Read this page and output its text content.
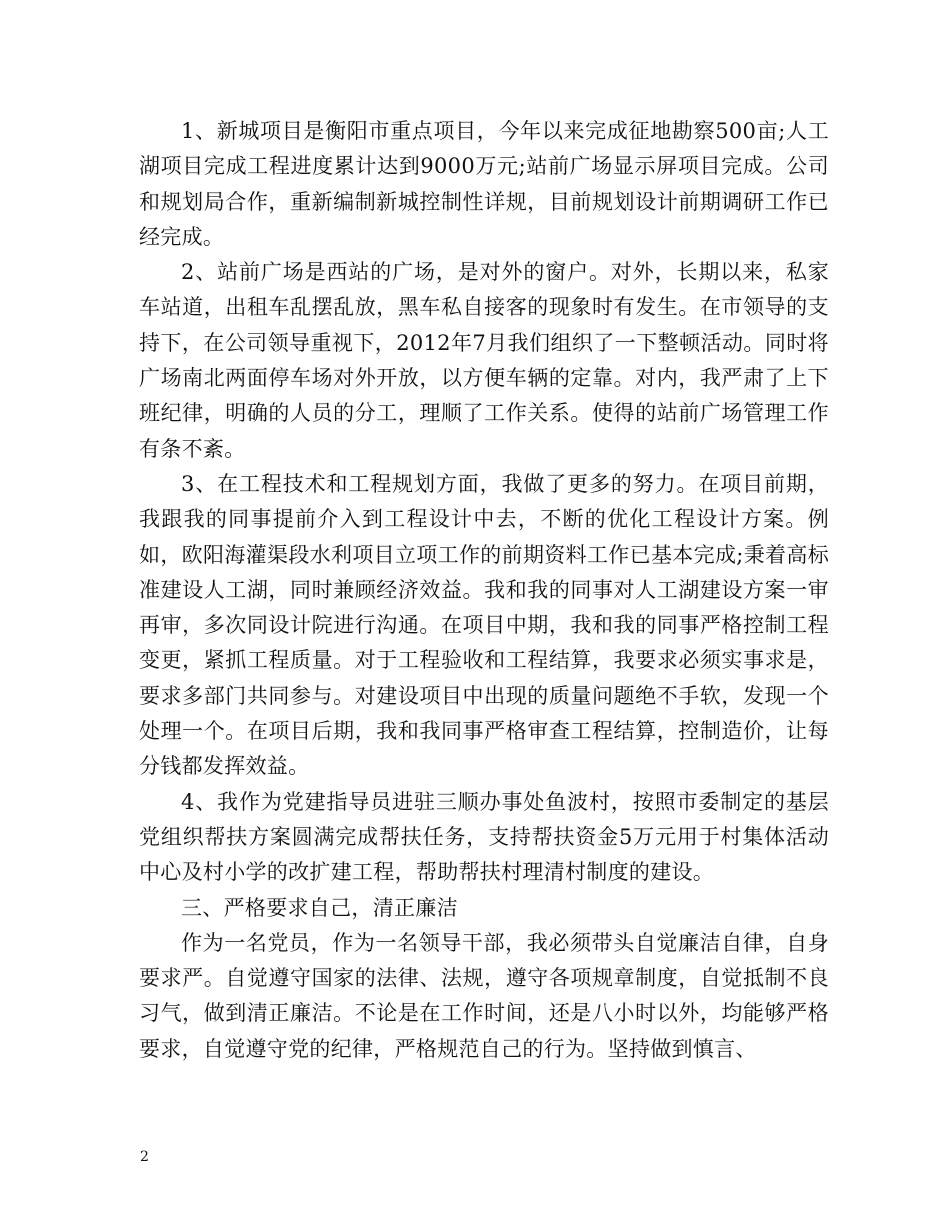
1、新城项目是衡阳市重点项目，今年以来完成征地勘察500亩;人工湖项目完成工程进度累计达到9000万元;站前广场显示屏项目完成。公司和规划局合作，重新编制新城控制性详规，目前规划设计前期调研工作已经完成。

2、站前广场是西站的广场，是对外的窗户。对外，长期以来，私家车站道，出租车乱摆乱放，黑车私自接客的现象时有发生。在市领导的支持下，在公司领导重视下，2012年7月我们组织了一下整顿活动。同时将广场南北两面停车场对外开放，以方便车辆的定靠。对内，我严肃了上下班纪律，明确的人员的分工，理顺了工作关系。使得的站前广场管理工作有条不紊。

3、在工程技术和工程规划方面，我做了更多的努力。在项目前期，我跟我的同事提前介入到工程设计中去，不断的优化工程设计方案。例如，欧阳海灌渠段水利项目立项工作的前期资料工作已基本完成;秉着高标准建设人工湖，同时兼顾经济效益。我和我的同事对人工湖建设方案一审再审，多次同设计院进行沟通。在项目中期，我和我的同事严格控制工程变更，紧抓工程质量。对于工程验收和工程结算，我要求必须实事求是，要求多部门共同参与。对建设项目中出现的质量问题绝不手软，发现一个处理一个。在项目后期，我和我同事严格审查工程结算，控制造价，让每分钱都发挥效益。

4、我作为党建指导员进驻三顺办事处鱼波村，按照市委制定的基层党组织帮扶方案圆满完成帮扶任务，支持帮扶资金5万元用于村集体活动中心及村小学的改扩建工程，帮助帮扶村理清村制度的建设。

三、严格要求自己，清正廉洁

作为一名党员，作为一名领导干部，我必须带头自觉廉洁自律，自身要求严。自觉遵守国家的法律、法规，遵守各项规章制度，自觉抵制不良习气，做到清正廉洁。不论是在工作时间，还是八小时以外，均能够严格要求，自觉遵守党的纪律，严格规范自己的行为。坚持做到慎言、

2
